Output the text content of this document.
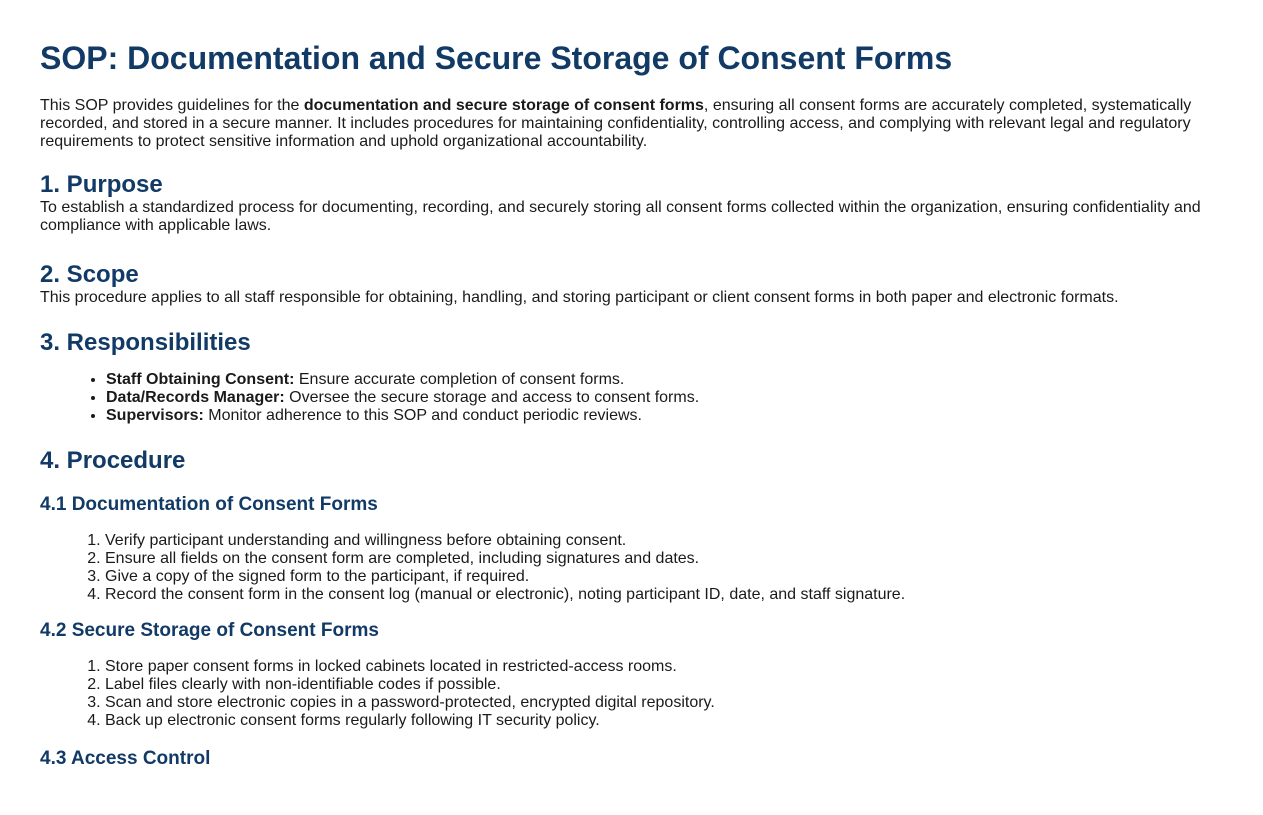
SOP: Documentation and Secure Storage of Consent Forms

This SOP provides guidelines for the documentation and secure storage of consent forms, ensuring all consent forms are accurately completed, systematically recorded, and stored in a secure manner. It includes procedures for maintaining confidentiality, controlling access, and complying with relevant legal and regulatory requirements to protect sensitive information and uphold organizational accountability.

1. Purpose

To establish a standardized process for documenting, recording, and securely storing all consent forms collected within the organization, ensuring confidentiality and compliance with applicable laws.

2. Scope

This procedure applies to all staff responsible for obtaining, handling, and storing participant or client consent forms in both paper and electronic formats.

3. Responsibilities
• Staff Obtaining Consent: Ensure accurate completion of consent forms.
• Data/Records Manager: Oversee the secure storage and access to consent forms.
• Supervisors: Monitor adherence to this SOP and conduct periodic reviews.
4. Procedure
4.1 Documentation of Consent Forms
1. Verify participant understanding and willingness before obtaining consent.
2. Ensure all fields on the consent form are completed, including signatures and dates.
3. Give a copy of the signed form to the participant, if required.
4. Record the consent form in the consent log (manual or electronic), noting participant ID, date, and staff signature.
4.2 Secure Storage of Consent Forms
1. Store paper consent forms in locked cabinets located in restricted-access rooms.
2. Label files clearly with non-identifiable codes if possible.
3. Scan and store electronic copies in a password-protected, encrypted digital repository.
4. Back up electronic consent forms regularly following IT security policy.
4.3 Access Control
